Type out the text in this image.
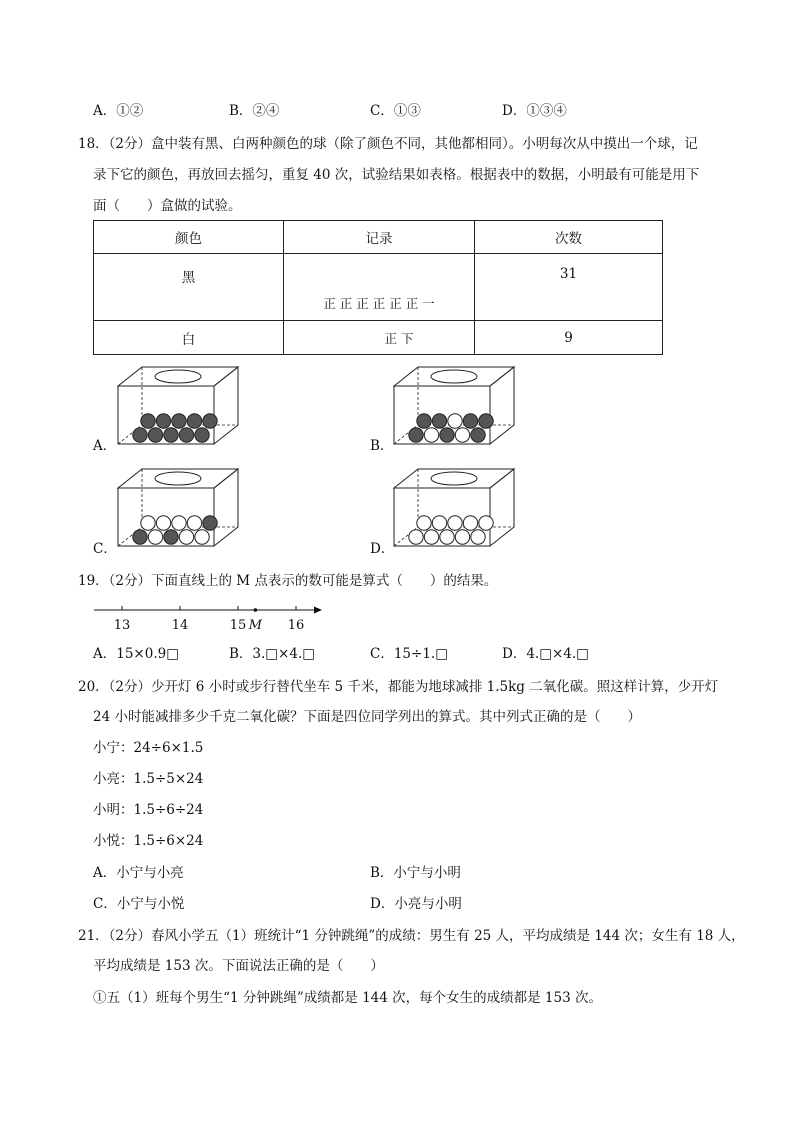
A．①②	B．②④	C．①③	D．①③④
18．（2分）盒中装有黑、白两种颜色的球（除了颜色不同，其他都相同）。小明每次从中摸出一个球，记
录下它的颜色，再放回去摇匀，重复 40 次，试验结果如表格。根据表中的数据，小明最有可能是用下
面（　　）盒做的试验。
颜色	记录	次数
黑	正 正 正 正 正 正 一	31
白	正 下	9
A．	B．
C．	D．
19．（2分）下面直线上的 M 点表示的数可能是算式（　　）的结果。
13	14	15	16
M
A．15×0.9□	B．3.□×4.□	C．15÷1.□	D．4.□×4.□
20．（2分）少开灯 6 小时或步行替代坐车 5 千米，都能为地球减排 1.5kg 二氧化碳。照这样计算，少开灯
24 小时能减排多少千克二氧化碳？下面是四位同学列出的算式。其中列式正确的是（　　）
小宁：24÷6×1.5
小亮：1.5÷5×24
小明：1.5÷6÷24
小悦：1.5÷6×24
A．小宁与小亮	B．小宁与小明
C．小宁与小悦	D．小亮与小明
21．（2分）春风小学五（1）班统计“1 分钟跳绳”的成绩：男生有 25 人，平均成绩是 144 次；女生有 18 人，
平均成绩是 153 次。下面说法正确的是（　　）
①五（1）班每个男生“1 分钟跳绳”成绩都是 144 次，每个女生的成绩都是 153 次。
